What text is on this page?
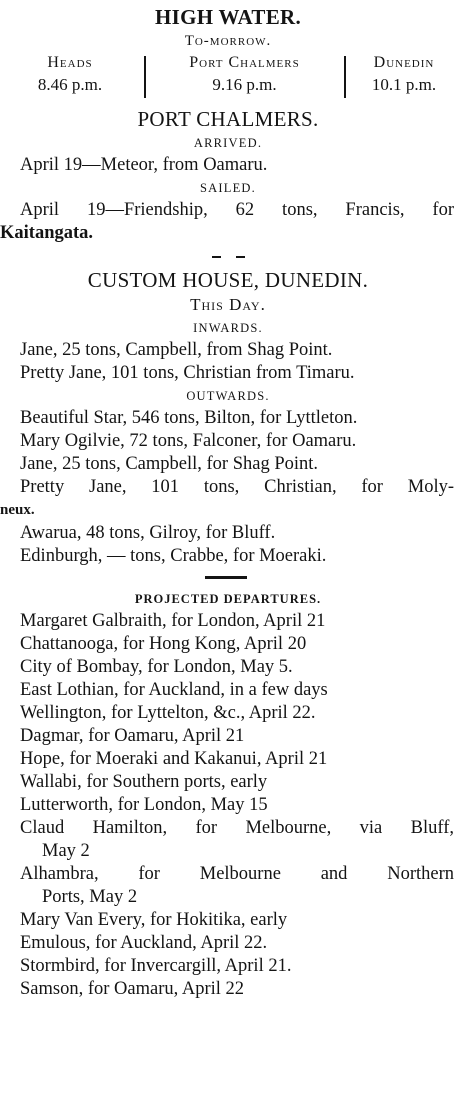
HIGH WATER.
To-morrow.
Heads
8.46 p.m.
Port Chalmers
9.16 p.m.
Dunedin
10.1 p.m.
PORT CHALMERS.
ARRIVED.
April 19—Meteor, from Oamaru.
SAILED.
April 19—Friendship, 62 tons, Francis, for
Kaitangata.
CUSTOM HOUSE, DUNEDIN.
This Day.
INWARDS.
Jane, 25 tons, Campbell, from Shag Point.
Pretty Jane, 101 tons, Christian from Timaru.
OUTWARDS.
Beautiful Star, 546 tons, Bilton, for Lyttleton.
Mary Ogilvie, 72 tons, Falconer, for Oamaru.
Jane, 25 tons, Campbell, for Shag Point.
Pretty Jane, 101 tons, Christian, for Moly-
neux.
Awarua, 48 tons, Gilroy, for Bluff.
Edinburgh, — tons, Crabbe, for Moeraki.
PROJECTED DEPARTURES.
Margaret Galbraith, for London, April 21
Chattanooga, for Hong Kong, April 20
City of Bombay, for London, May 5.
East Lothian, for Auckland, in a few days
Wellington, for Lyttelton, &c., April 22.
Dagmar, for Oamaru, April 21
Hope, for Moeraki and Kakanui, April 21
Wallabi, for Southern ports, early
Lutterworth, for London, May 15
Claud Hamilton, for Melbourne, via Bluff,
May 2
Alhambra, for Melbourne and Northern
Ports, May 2
Mary Van Every, for Hokitika, early
Emulous, for Auckland, April 22.
Stormbird, for Invercargill, April 21.
Samson, for Oamaru, April 22
